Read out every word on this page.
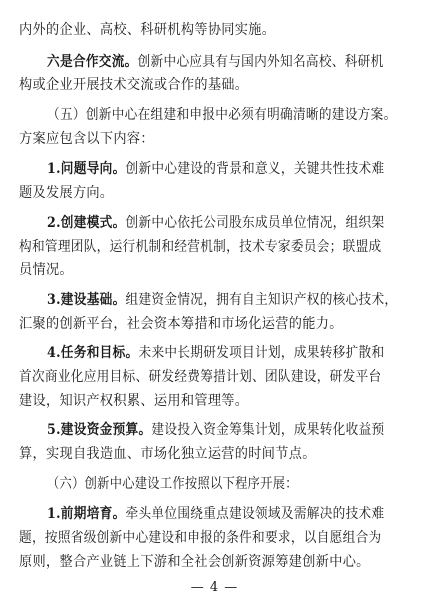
内外的企业、高校、科研机构等协同实施。
六是合作交流。创新中心应具有与国内外知名高校、科研机
构或企业开展技术交流或合作的基础。
（五）创新中心在组建和申报中必须有明确清晰的建设方案。
方案应包含以下内容：
1.问题导向。创新中心建设的背景和意义，关键共性技术难
题及发展方向。
2.创建模式。创新中心依托公司股东成员单位情况，组织架
构和管理团队，运行机制和经营机制，技术专家委员会；联盟成
员情况。
3.建设基础。组建资金情况，拥有自主知识产权的核心技术，
汇聚的创新平台，社会资本筹措和市场化运营的能力。
4.任务和目标。未来中长期研发项目计划，成果转移扩散和
首次商业化应用目标、研发经费筹措计划、团队建设，研发平台
建设，知识产权积累、运用和管理等。
5.建设资金预算。建设投入资金筹集计划，成果转化收益预
算，实现自我造血、市场化独立运营的时间节点。
（六）创新中心建设工作按照以下程序开展：
1.前期培育。牵头单位围绕重点建设领域及需解决的技术难
题，按照省级创新中心建设和申报的条件和要求，以自愿组合为
原则，整合产业链上下游和全社会创新资源筹建创新中心。
— 4 —
